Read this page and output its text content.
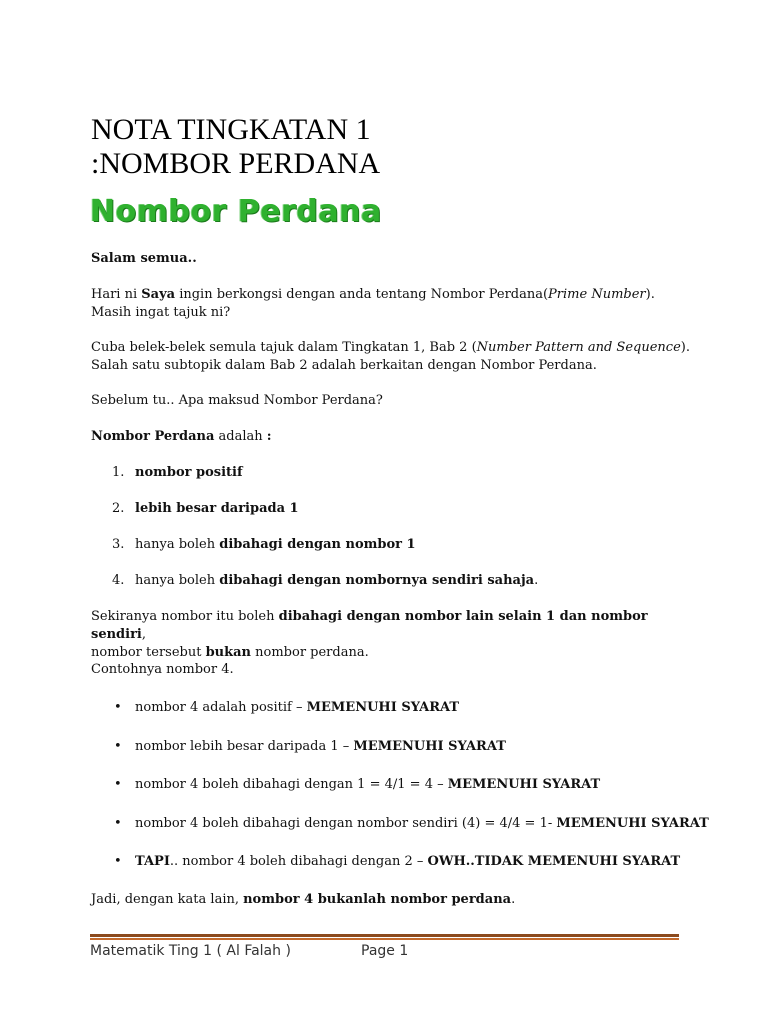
NOTA TINGKATAN 1
:NOMBOR PERDANA
Nombor Perdana

Salam semua..

Hari ni Saya ingin berkongsi dengan anda tentang Nombor Perdana(Prime Number). Masih ingat tajuk ni?

Cuba belek-belek semula tajuk dalam Tingkatan 1, Bab 2 (Number Pattern and Sequence). Salah satu subtopik dalam Bab 2 adalah berkaitan dengan Nombor Perdana.

Sebelum tu.. Apa maksud Nombor Perdana?

Nombor Perdana adalah :

1. nombor positif
2. lebih besar daripada 1
3. hanya boleh dibahagi dengan nombor 1
4. hanya boleh dibahagi dengan nombornya sendiri sahaja.

Sekiranya nombor itu boleh dibahagi dengan nombor lain selain 1 dan nombor sendiri,
nombor tersebut bukan nombor perdana.

Contohnya nombor 4.

• nombor 4 adalah positif – MEMENUHI SYARAT
• nombor lebih besar daripada 1 – MEMENUHI SYARAT
• nombor 4 boleh dibahagi dengan 1 = 4/1 = 4 – MEMENUHI SYARAT
• nombor 4 boleh dibahagi dengan nombor sendiri (4) = 4/4 = 1- MEMENUHI SYARAT
• TAPI.. nombor 4 boleh dibahagi dengan 2 – OWH..TIDAK MEMENUHI SYARAT

Jadi, dengan kata lain, nombor 4 bukanlah nombor perdana.

Matematik Ting 1 ( Al Falah )	Page 1
